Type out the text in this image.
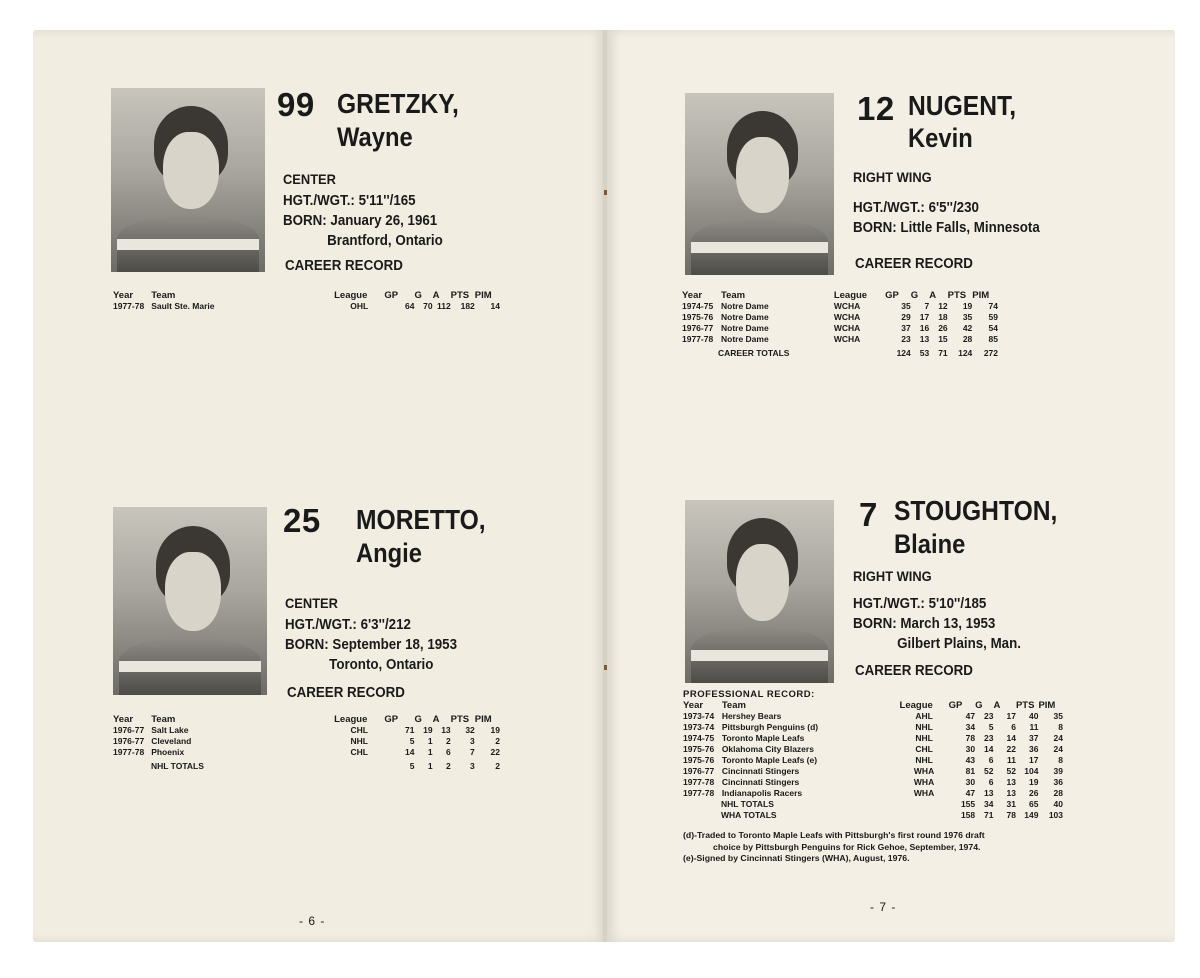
99 GRETZKY,
Wayne
CENTER
HGT./WGT.: 5'11''/165
BORN: January 26, 1961
Brantford, Ontario
CAREER RECORD
Year	Team	League	GP	G	A	PTS	PIM
1977-78	Sault Ste. Marie	OHL	64	70	112	182	14
25 MORETTO,
Angie
CENTER
HGT./WGT.: 6'3''/212
BORN: September 18, 1953
Toronto, Ontario
CAREER RECORD
Year	Team	League	GP	G	A	PTS	PIM
1976-77	Salt Lake	CHL	71	19	13	32	19
1976-77	Cleveland	NHL	5	1	2	3	2
1977-78	Phoenix	CHL	14	1	6	7	22
NHL TOTALS			5	1	2	3	2
- 6 -
12 NUGENT,
Kevin
RIGHT WING
HGT./WGT.: 6'5''/230
BORN: Little Falls, Minnesota
CAREER RECORD
Year	Team	League	GP	G	A	PTS	PIM
1974-75	Notre Dame	WCHA	35	7	12	19	74
1975-76	Notre Dame	WCHA	29	17	18	35	59
1976-77	Notre Dame	WCHA	37	16	26	42	54
1977-78	Notre Dame	WCHA	23	13	15	28	85
CAREER TOTALS			124	53	71	124	272
7 STOUGHTON,
Blaine
RIGHT WING
HGT./WGT.: 5'10''/185
BORN: March 13, 1953
Gilbert Plains, Man.
CAREER RECORD
PROFESSIONAL RECORD:
Year	Team	League	GP	G	A	PTS	PIM
1973-74	Hershey Bears	AHL	47	23	17	40	35
1973-74	Pittsburgh Penguins (d)	NHL	34	5	6	11	8
1974-75	Toronto Maple Leafs	NHL	78	23	14	37	24
1975-76	Oklahoma City Blazers	CHL	30	14	22	36	24
1975-76	Toronto Maple Leafs (e)	NHL	43	6	11	17	8
1976-77	Cincinnati Stingers	WHA	81	52	52	104	39
1977-78	Cincinnati Stingers	WHA	30	6	13	19	36
1977-78	Indianapolis Racers	WHA	47	13	13	26	28
NHL TOTALS			155	34	31	65	40
WHA TOTALS			158	71	78	149	103
(d)-Traded to Toronto Maple Leafs with Pittsburgh's first round 1976 draft
choice by Pittsburgh Penguins for Rick Gehoe, September, 1974.
(e)-Signed by Cincinnati Stingers (WHA), August, 1976.
- 7 -
